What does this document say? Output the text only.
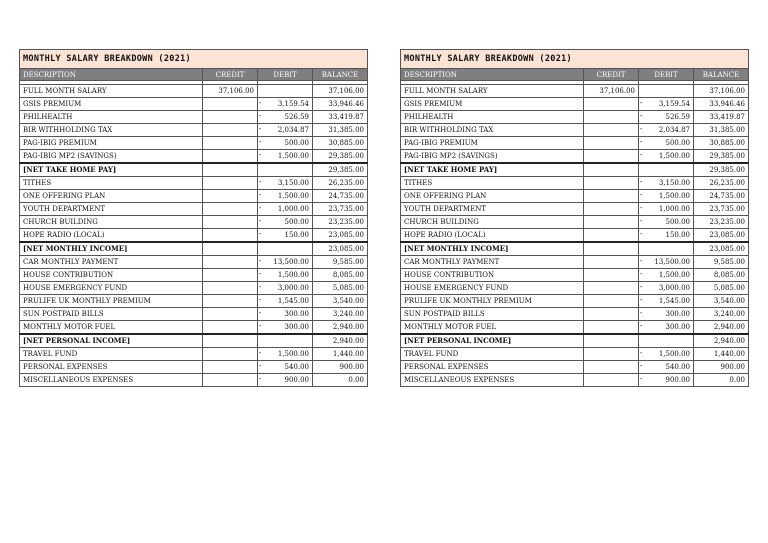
MONTHLY SALARY BREAKDOWN (2021)			
DESCRIPTION	CREDIT	DEBIT	BALANCE

FULL MONTH SALARY	37,106.00		37,106.00
GSIS PREMIUM		- 3,159.54	33,946.46
PHILHEALTH		- 526.59	33,419.87
BIR WITHHOLDING TAX		- 2,034.87	31,385.00
PAG-IBIG PREMIUM		- 500.00	30,885.00
PAG-IBIG MP2 (SAVINGS)		- 1,500.00	29,385.00
[NET TAKE HOME PAY]			29,385.00
TITHES		- 3,150.00	26,235.00
ONE OFFERING PLAN		- 1,500.00	24,735.00
YOUTH DEPARTMENT		- 1,000.00	23,735.00
CHURCH BUILDING		- 500.00	23,235.00
HOPE RADIO (LOCAL)		- 150.00	23,085.00
[NET MONTHLY INCOME]			23,085.00
CAR MONTHLY PAYMENT		- 13,500.00	9,585.00
HOUSE CONTRIBUTION		- 1,500.00	8,085.00
HOUSE EMERGENCY FUND		- 3,000.00	5,085.00
PRULIFE UK MONTHLY PREMIUM		- 1,545.00	3,540.00
SUN POSTPAID BILLS		- 300.00	3,240.00
MONTHLY MOTOR FUEL		- 300.00	2,940.00
[NET PERSONAL INCOME]			2,940.00
TRAVEL FUND		- 1,500.00	1,440.00
PERSONAL EXPENSES		- 540.00	900.00
MISCELLANEOUS EXPENSES		- 900.00	0.00
MONTHLY SALARY BREAKDOWN (2021)			
DESCRIPTION	CREDIT	DEBIT	BALANCE

FULL MONTH SALARY	37,106.00		37,106.00
GSIS PREMIUM		- 3,159.54	33,946.46
PHILHEALTH		- 526.59	33,419.87
BIR WITHHOLDING TAX		- 2,034.87	31,385.00
PAG-IBIG PREMIUM		- 500.00	30,885.00
PAG-IBIG MP2 (SAVINGS)		- 1,500.00	29,385.00
[NET TAKE HOME PAY]			29,385.00
TITHES		- 3,150.00	26,235.00
ONE OFFERING PLAN		- 1,500.00	24,735.00
YOUTH DEPARTMENT		- 1,000.00	23,735.00
CHURCH BUILDING		- 500.00	23,235.00
HOPE RADIO (LOCAL)		- 150.00	23,085.00
[NET MONTHLY INCOME]			23,085.00
CAR MONTHLY PAYMENT		- 13,500.00	9,585.00
HOUSE CONTRIBUTION		- 1,500.00	8,085.00
HOUSE EMERGENCY FUND		- 3,000.00	5,085.00
PRULIFE UK MONTHLY PREMIUM		- 1,545.00	3,540.00
SUN POSTPAID BILLS		- 300.00	3,240.00
MONTHLY MOTOR FUEL		- 300.00	2,940.00
[NET PERSONAL INCOME]			2,940.00
TRAVEL FUND		- 1,500.00	1,440.00
PERSONAL EXPENSES		- 540.00	900.00
MISCELLANEOUS EXPENSES		- 900.00	0.00
